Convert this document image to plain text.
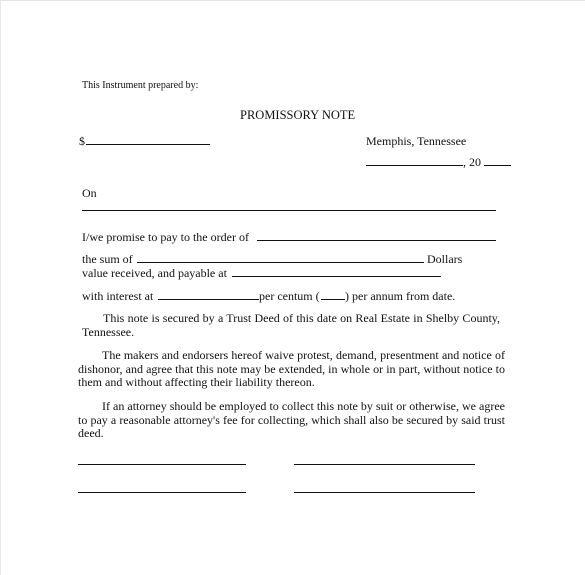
This Instrument prepared by:
PROMISSORY NOTE
$	Memphis, Tennessee
, 20
On
I/we promise to pay to the order of
the sum of	Dollars
value received, and payable at
with interest at	per centum ( ) per annum from date.
This note is secured by a Trust Deed of this date on Real Estate in Shelby County, Tennessee.
The makers and endorsers hereof waive protest, demand, presentment and notice of dishonor, and agree that this note may be extended, in whole or in part, without notice to them and without affecting their liability thereon.
If an attorney should be employed to collect this note by suit or otherwise, we agree to pay a reasonable attorney's fee for collecting, which shall also be secured by said trust deed.
